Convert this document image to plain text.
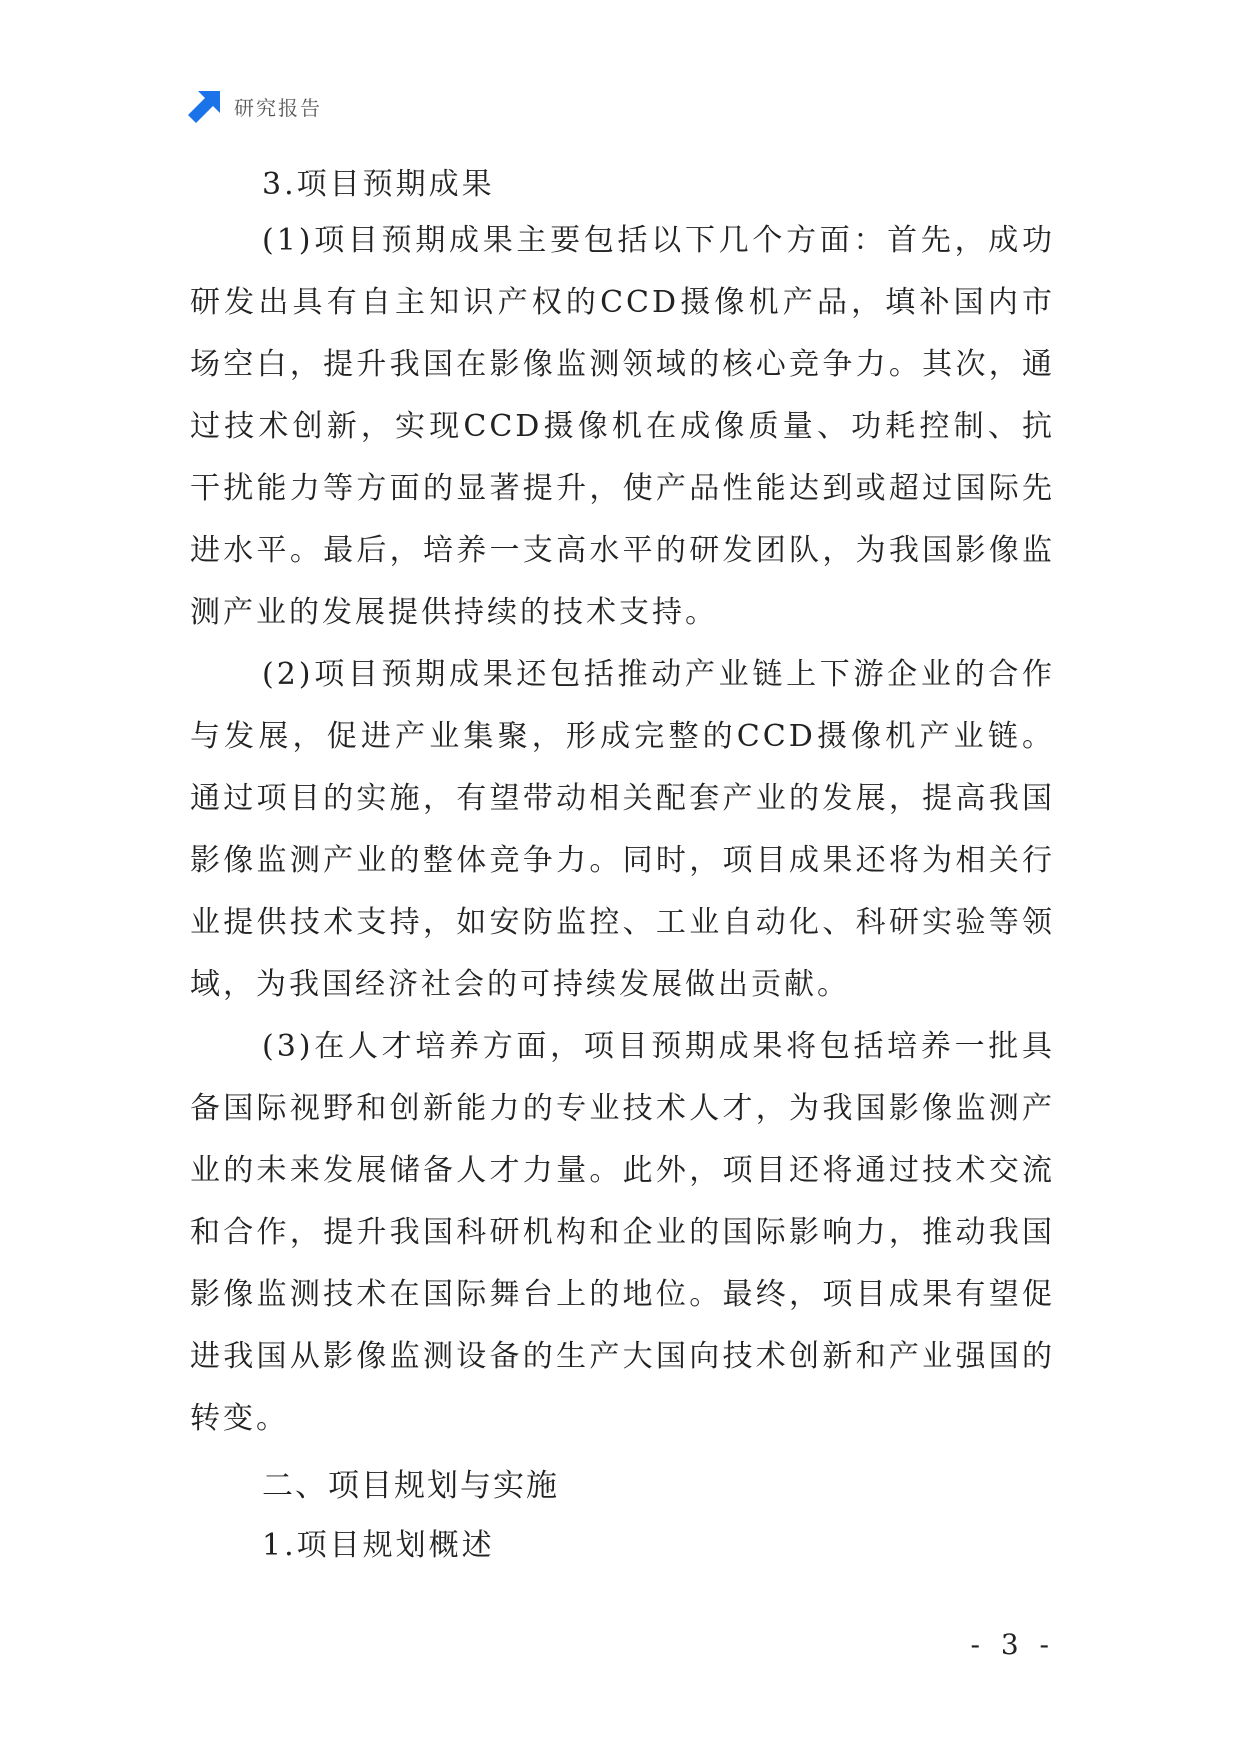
研究报告
3.项目预期成果

(1)项目预期成果主要包括以下几个方面：首先，成功研发出具有自主知识产权的CCD摄像机产品，填补国内市场空白，提升我国在影像监测领域的核心竞争力。其次，通过技术创新，实现CCD摄像机在成像质量、功耗控制、抗干扰能力等方面的显著提升，使产品性能达到或超过国际先进水平。最后，培养一支高水平的研发团队，为我国影像监测产业的发展提供持续的技术支持。

(2)项目预期成果还包括推动产业链上下游企业的合作与发展，促进产业集聚，形成完整的CCD摄像机产业链。通过项目的实施，有望带动相关配套产业的发展，提高我国影像监测产业的整体竞争力。同时，项目成果还将为相关行业提供技术支持，如安防监控、工业自动化、科研实验等领域，为我国经济社会的可持续发展做出贡献。

(3)在人才培养方面，项目预期成果将包括培养一批具备国际视野和创新能力的专业技术人才，为我国影像监测产业的未来发展储备人才力量。此外，项目还将通过技术交流和合作，提升我国科研机构和企业的国际影响力，推动我国影像监测技术在国际舞台上的地位。最终，项目成果有望促进我国从影像监测设备的生产大国向技术创新和产业强国的转变。

二、项目规划与实施
1.项目规划概述
- 3 -
